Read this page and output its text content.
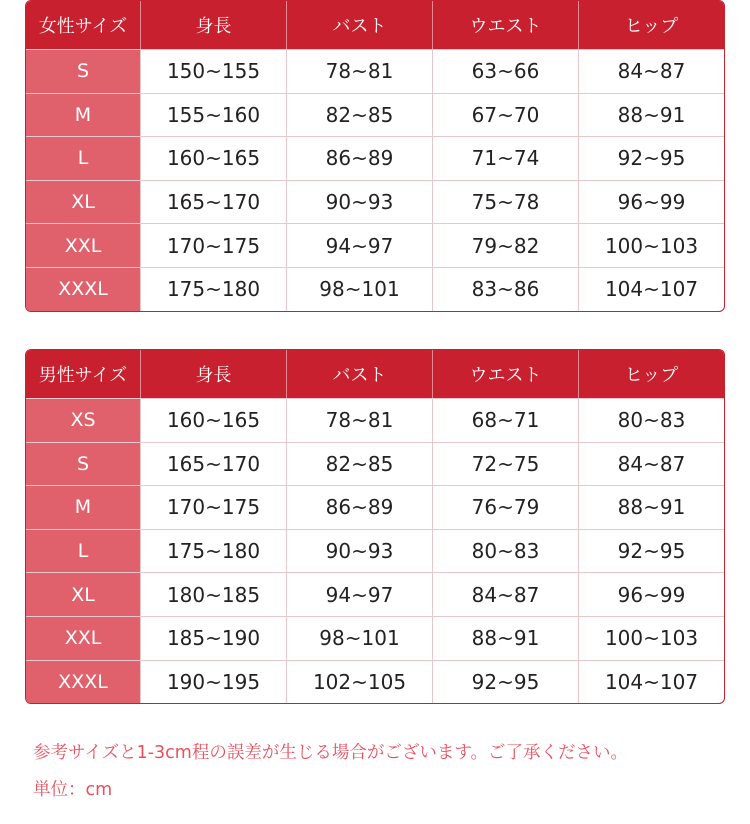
女性サイズ	身長	バスト	ウエスト	ヒップ
S	150~155	78~81	63~66	84~87
M	155~160	82~85	67~70	88~91
L	160~165	86~89	71~74	92~95
XL	165~170	90~93	75~78	96~99
XXL	170~175	94~97	79~82	100~103
XXXL	175~180	98~101	83~86	104~107
男性サイズ	身長	バスト	ウエスト	ヒップ
XS	160~165	78~81	68~71	80~83
S	165~170	82~85	72~75	84~87
M	170~175	86~89	76~79	88~91
L	175~180	90~93	80~83	92~95
XL	180~185	94~97	84~87	96~99
XXL	185~190	98~101	88~91	100~103
XXXL	190~195	102~105	92~95	104~107
参考サイズと1-3cm程の誤差が生じる場合がございます。ご了承ください。
単位：cm
